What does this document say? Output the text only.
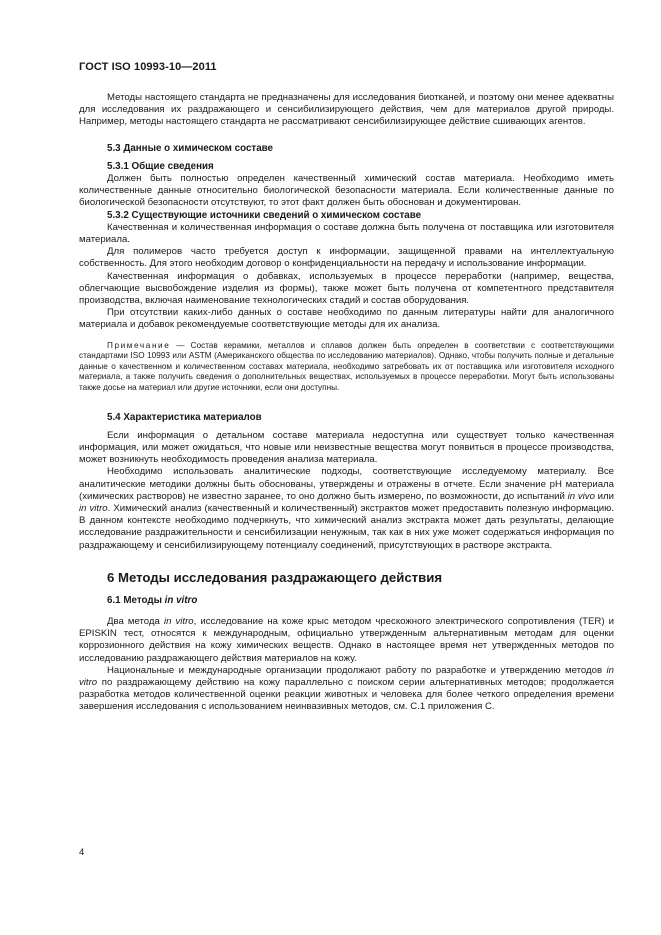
ГОСТ ISO 10993-10—2011

Методы настоящего стандарта не предназначены для исследования биотканей, и поэтому они менее адекватны для исследования их раздражающего и сенсибилизирующего действия, чем для материалов другой природы. Например, методы настоящего стандарта не рассматривают сенсибилизирующее действие сшивающих агентов.

5.3 Данные о химическом составе
5.3.1 Общие сведения

Должен быть полностью определен качественный химический состав материала. Необходимо иметь количественные данные относительно биологической безопасности материала. Если количественные данные по биологической безопасности отсутствуют, то этот факт должен быть обоснован и документирован.

5.3.2 Существующие источники сведений о химическом составе

Качественная и количественная информация о составе должна быть получена от поставщика или изготовителя материала.

Для полимеров часто требуется доступ к информации, защищенной правами на интеллектуальную собственность. Для этого необходим договор о конфиденциальности на передачу и использование информации.

Качественная информация о добавках, используемых в процессе переработки (например, вещества, облегчающие высвобождение изделия из формы), также может быть получена от компетентного представителя производства, включая наименование технологических стадий и состав оборудования.

При отсутствии каких-либо данных о составе необходимо по данным литературы найти для аналогичного материала и добавок рекомендуемые соответствующие методы для их анализа.

Примечание — Состав керамики, металлов и сплавов должен быть определен в соответствии с соответствующими стандартами ISO 10993 или ASTM (Американского общества по исследованию материалов). Однако, чтобы получить полные и детальные данные о качественном и количественном составах материала, необходимо затребовать их от поставщика или изготовителя исходного материала, а также получить сведения о дополнительных веществах, используемых в процессе переработки. Могут быть использованы также досье на материал или другие источники, если они доступны.

5.4 Характеристика материалов

Если информация о детальном составе материала недоступна или существует только качественная информация, или может ожидаться, что новые или неизвестные вещества могут появиться в процессе производства, может возникнуть необходимость проведения анализа материала.

Необходимо использовать аналитические подходы, соответствующие исследуемому материалу. Все аналитические методики должны быть обоснованы, утверждены и отражены в отчете. Если значение pH материала (химических растворов) не известно заранее, то оно должно быть измерено, по возможности, до испытаний in vivo или in vitro. Химический анализ (качественный и количественный) экстрактов может предоставить полезную информацию. В данном контексте необходимо подчеркнуть, что химический анализ экстракта может дать результаты, делающие исследование раздражительности и сенсибилизации ненужным, так как в них уже может содержаться информация по раздражающему и сенсибилизирующему потенциалу соединений, присутствующих в растворе экстракта.

6 Методы исследования раздражающего действия
6.1 Методы in vitro

Два метода in vitro, исследование на коже крыс методом чрескожного электрического сопротивления (TER) и EPISKIN тест, относятся к международным, официально утвержденным альтернативным методам для оценки коррозионного действия на кожу химических веществ. Однако в настоящее время нет утвержденных методов по исследованию раздражающего действия материалов на кожу.

Национальные и международные организации продолжают работу по разработке и утверждению методов in vitro по раздражающему действию на кожу параллельно с поиском серии альтернативных методов; продолжается разработка методов количественной оценки реакции животных и человека для более четкого определения времени завершения исследования с использованием неинвазивных методов, см. С.1 приложения С.

4
